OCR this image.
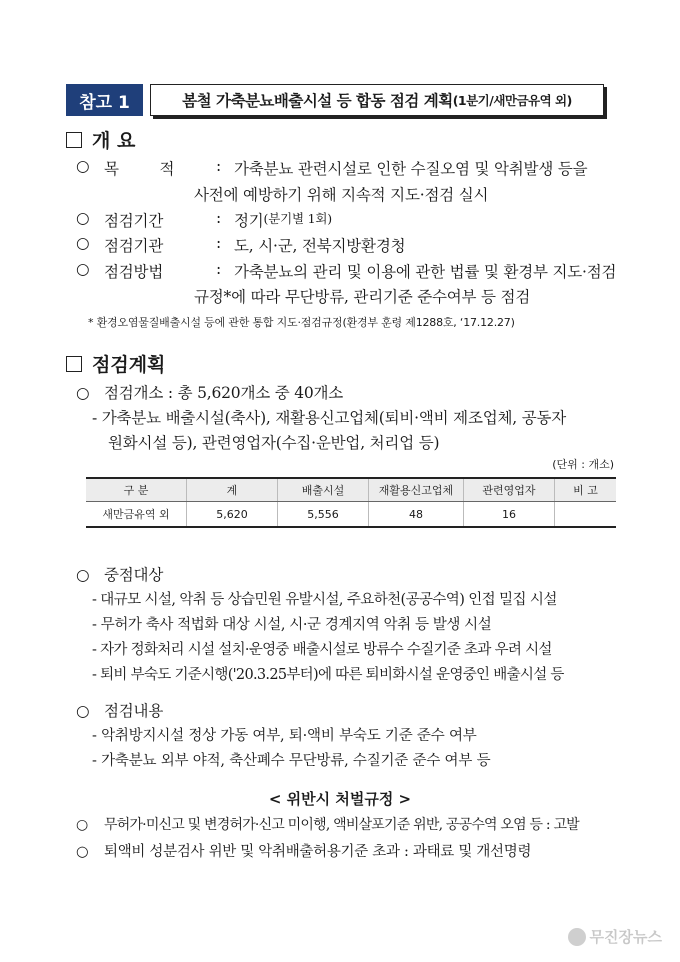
참고 1	봄철 가축분뇨배출시설 등 합동 점검 계획 (1분기/새만금유역 외)
개 요
○ 목 적	: 가축분뇨 관련시설로 인한 수질오염 및 악취발생 등을
사전에 예방하기 위해 지속적 지도·점검 실시
○ 점검기간	: 정기 (분기별 1회)
○ 점검기관	: 도, 시·군, 전북지방환경청
○ 점검방법	: 가축분뇨의 관리 및 이용에 관한 법률 및 환경부 지도·점검
규정*에 따라 무단방류, 관리기준 준수여부 등 점검
* 환경오염물질배출시설 등에 관한 통합 지도·점검규정(환경부 훈령 제1288호, ‘17.12.27)
점검계획
○ 점검개소 : 총 5,620개소 중 40개소
- 가축분뇨 배출시설(축사), 재활용신고업체(퇴비·액비 제조업체, 공동자
원화시설 등), 관련영업자(수집·운반업, 처리업 등)
(단위 : 개소)
구 분	계	배출시설	재활용신고업체	관련영업자	비 고
새만금유역 외	5,620	5,556	48	16	
○ 중점대상
- 대규모 시설, 악취 등 상습민원 유발시설, 주요하천(공공수역) 인접 밀집 시설
- 무허가 축사 적법화 대상 시설, 시·군 경계지역 악취 등 발생 시설
- 자가 정화처리 시설 설치·운영중 배출시설로 방류수 수질기준 초과 우려 시설
- 퇴비 부숙도 기준시행('20.3.25부터)에 따른 퇴비화시설 운영중인 배출시설 등
○ 점검내용
- 악취방지시설 정상 가동 여부, 퇴·액비 부숙도 기준 준수 여부
- 가축분뇨 외부 야적, 축산폐수 무단방류, 수질기준 준수 여부 등
< 위반시 처벌규정 >
○ 무허가·미신고 및 변경허가·신고 미이행, 액비살포기준 위반, 공공수역 오염 등 : 고발
○ 퇴액비 성분검사 위반 및 악취배출허용기준 초과 : 과태료 및 개선명령
무진장뉴스
